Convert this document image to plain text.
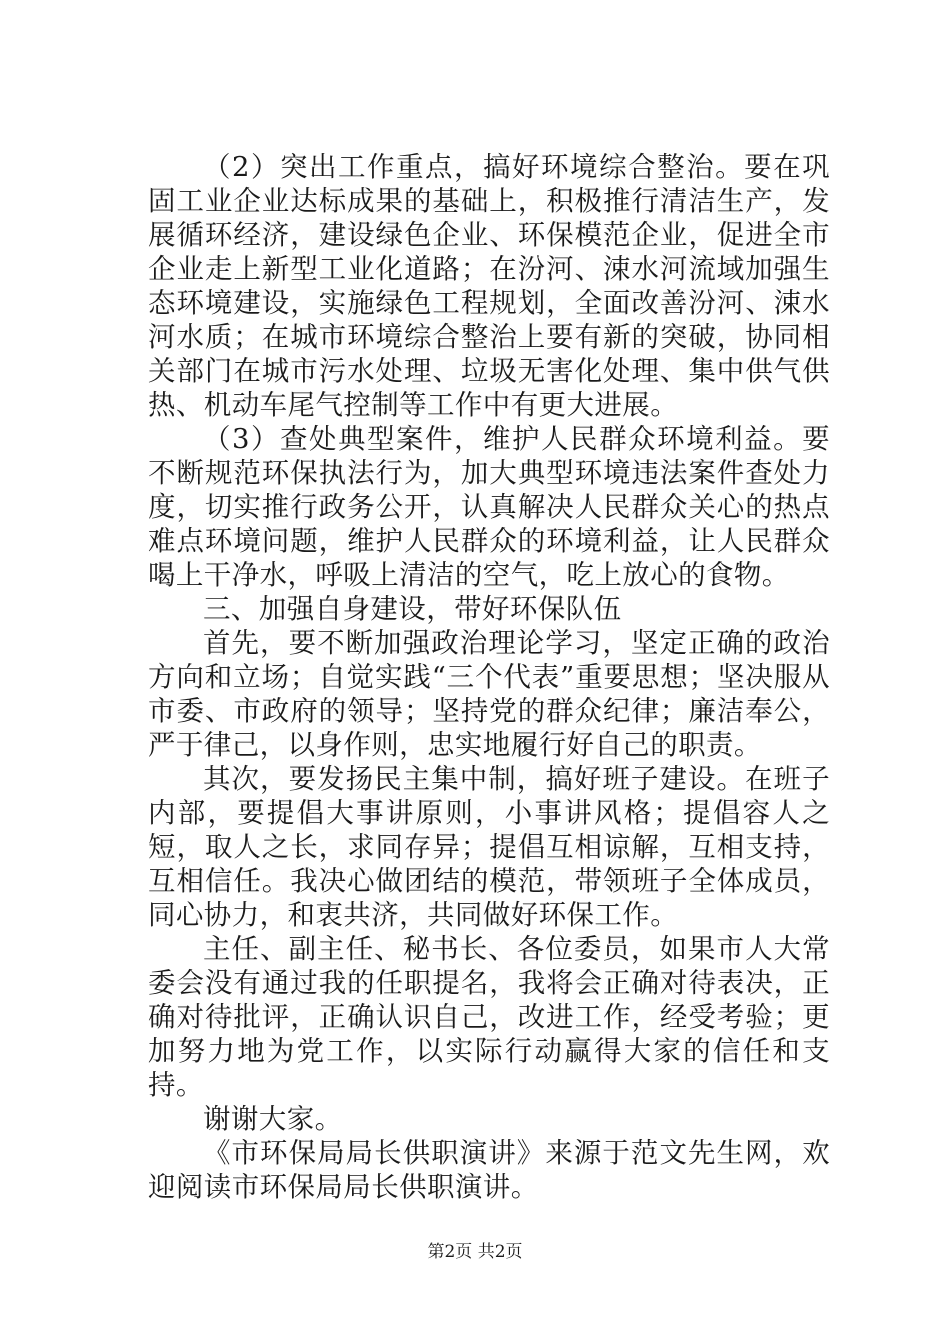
（2）突出工作重点，搞好环境综合整治。要在巩固工业企业达标成果的基础上，积极推行清洁生产，发展循环经济，建设绿色企业、环保模范企业，促进全市企业走上新型工业化道路；在汾河、涑水河流域加强生态环境建设，实施绿色工程规划，全面改善汾河、涑水河水质；在城市环境综合整治上要有新的突破，协同相关部门在城市污水处理、垃圾无害化处理、集中供气供热、机动车尾气控制等工作中有更大进展。

（3）查处典型案件，维护人民群众环境利益。要不断规范环保执法行为，加大典型环境违法案件查处力度，切实推行政务公开，认真解决人民群众关心的热点难点环境问题，维护人民群众的环境利益，让人民群众喝上干净水，呼吸上清洁的空气，吃上放心的食物。

三、加强自身建设，带好环保队伍

首先，要不断加强政治理论学习，坚定正确的政治方向和立场；自觉实践“三个代表”重要思想；坚决服从市委、市政府的领导；坚持党的群众纪律；廉洁奉公，严于律己，以身作则，忠实地履行好自己的职责。

其次，要发扬民主集中制，搞好班子建设。在班子内部，要提倡大事讲原则，小事讲风格；提倡容人之短，取人之长，求同存异；提倡互相谅解，互相支持，互相信任。我决心做团结的模范，带领班子全体成员，同心协力，和衷共济，共同做好环保工作。

主任、副主任、秘书长、各位委员，如果市人大常委会没有通过我的任职提名，我将会正确对待表决，正确对待批评，正确认识自己，改进工作，经受考验；更加努力地为党工作，以实际行动赢得大家的信任和支持。

谢谢大家。

《市环保局局长供职演讲》来源于范文先生网，欢迎阅读市环保局局长供职演讲。

第2页 共2页
